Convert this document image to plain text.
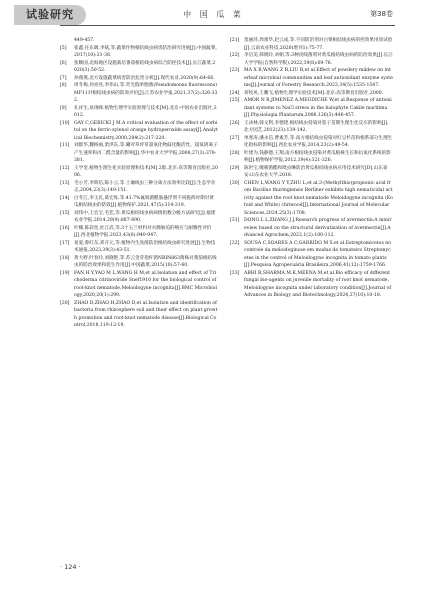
试验研究	中 国 瓜 菜	第38卷
449-457.
[5]	崔鑫,任东阔,李斌,等.蔬菜作物根结线虫病害防治研究进展[J].中国蔬菜,2017(10):31-38.
[6]	张顺国,北海地区设施栽培番茄根结线虫病综合防控技术[J].长江蔬菜,2020(3):50-52.
[7]	孙燕燕,北方设施蔬菜病害防治危害分析[J].现代农业,2020(9):64-66.
[8]	周冬梅,何亮亮,李伟山,等.荧光假单胞菌(Pseudomonas fluorescens)MF11对根结线虫病的防效评价[J].江苏农业学报,2021,37(2):326-332.
[9]	孔祥生,易现峰.植物生理学实验原理与技术[M].北京:中国农业出版社,2012.
[10] GAY C,GEBICKI J M.A critical evaluation of the effect of sorbitol on the ferric-xylenol orange hydroperoxide assay[J].Analytical Biochemistry,2000,284(2):217-220.
[11] 刘群华,魏杨丽,萧洪东,等.硼对草坪草超氧化物歧化酶活性、超氧阴离子产生速率和丙二醛含量的影响[J].华中农业大学学报,2008,27(3):378-381.
[12] 王学奎.植物生理生化实验原理和技术[M].2版.北京:高等教育出版社,2006.
[13] 毛小芳,李辉信,陈小云,等.土壤线虫三种分离方法效率比较[J].生态学杂志,2004,23(3):149-151.
[14] 白冬江,李玉民,葛宏烁,等.41.7%氟吡菌酰胺悬浮剂不同施药时期对黄瓜根结线虫的防效[J].植物保护,2021,47(5):314-319.
[15] 刘伟中,王宏宝,毛佳,等.黄瓜根结线虫病病情指数分级方法研究[J].福建农业学报,2014,29(9):887-890.
[16] 叶娜,陈彩丝,杜江武,等.3个五兰材料对水腾胁迫的响应与耐腾性评价[J].西北植物学报,2023,43(6):940-947.
[17] 易爱,蓉红东,邓开元,等.植物内生真菌防治根结线虫研究进展[J].生物技术通报,2023,39(3):43-51.
[18] 黄大野,叶春玲,刘晓艳,等.苏云金芽孢杆菌NBIN863菌株对番茄根结线虫的防治效果和促生作用[J].中国蔬菜,2015(10):57-60.
[19] FAN H Y,YAO M L,WANG H M,et al.Isolation and effect of Trichoderma citrinoviride Snef1910 for the biological control of root-knot nematode,Meloidogyne incognita[J].BMC Microbiology,2020,20(1):299.
[20] ZHAO D,ZHAO H,ZHAO D,et al.Isolation and identification of bacteria from rhizosphere soil and their effect on plant growth promotion and root-knot nematode disease[J].Biological Control,2018,119:12-19.
[21] 莫丽萍,周蕾华,赵云成,等.不同防治剂对白菜根结线虫病的控效果用效试验[J].云南农业科技,2020(增刊1):75-77.
[22] 李启美,韩晓玲,刘朝,等.3种淡线菌剂对黄瓜根结线虫病的防治效果[J].长江大学学报(自然科学版),2022,39(8):69-76.
[23] MA X B,WANG Z B,LIU R,et al.Effect of powdery mildew on interleaf microbial communities and leaf antioxidant enzyme systems[J].Journal of Forestry Research,2023,34(5):1535-1547.
[24] 蒋牧风,王鹏飞.植物生理学实验技术[M].北京:高等教育出版社,2000.
[25] AMOR N B,JIMENEZ A,MEGDICHE W,et al.Response of antioxidant systems to NaCl stress in the halophyte Cakile maritima[J].Physiologia Plantarum,2006,126(3):446-457.
[26] 王沐林,韩文利,李德建.根结线虫侵染对茄子苗期生理生化反应的影响[J].北方园艺,2012(23):139-142.
[27] 单寒涛,潘永信,曹素芳,等.南方根结线虫侵染对红豆杉苗和根系部分生理生化指标的影响[J].西北农业学报,2014,23(2):49-54.
[28] 叶建为,钱静德,王翔,南方根结线虫侵染对黄瓜植株生长和抗氧化系统的影响[J].植物保护学报,2012,39(4):321-326.
[29] 陈世宝.噻嘧菌酯和吡虫啉防治黄瓜根结线虫病应用技术研究[D].山东泰安:山东农业大学,2018.
[30] CHEN L,WANG Y Y,ZHU L,et al.3-(Methylthio)propionic acid from Bacillus thuringiensis Berliner exhibits high nematicidal activity against the root knot nematode Meloidogyne incognita (Kofoid and White) chitwood[J].International Journal of Molecular Sciences,2024,25(3):1708.
[31] DONG L L,ZHANG J J.Research progress of avermectin:A minireview based on the structural derivatization of avermectin[J].Advanced Agrochem,2022,1(2):100-112.
[32] SOUSA C,SOARES A C,GARRIDO M S.et al.Estreptomicetos no controle da meloidoginose em mudas de tomateiro Streptomycetes in the control of Meloidogyne incognita in tomato plants[J].Pesquisa Agropecuária Brasileira,2006,41(12):1759-1766.
[33] ABHI R,SHARMA M.K,MEENA M,et al.Bio efficacy of different fungal bio-agents on juvenile mortality of root knot nematode,Meloidogyne incognita under laboratory condition[J].Journal of Advances in Biology and Biotechnology,2024,27(10):10-18.
· 124 ·
